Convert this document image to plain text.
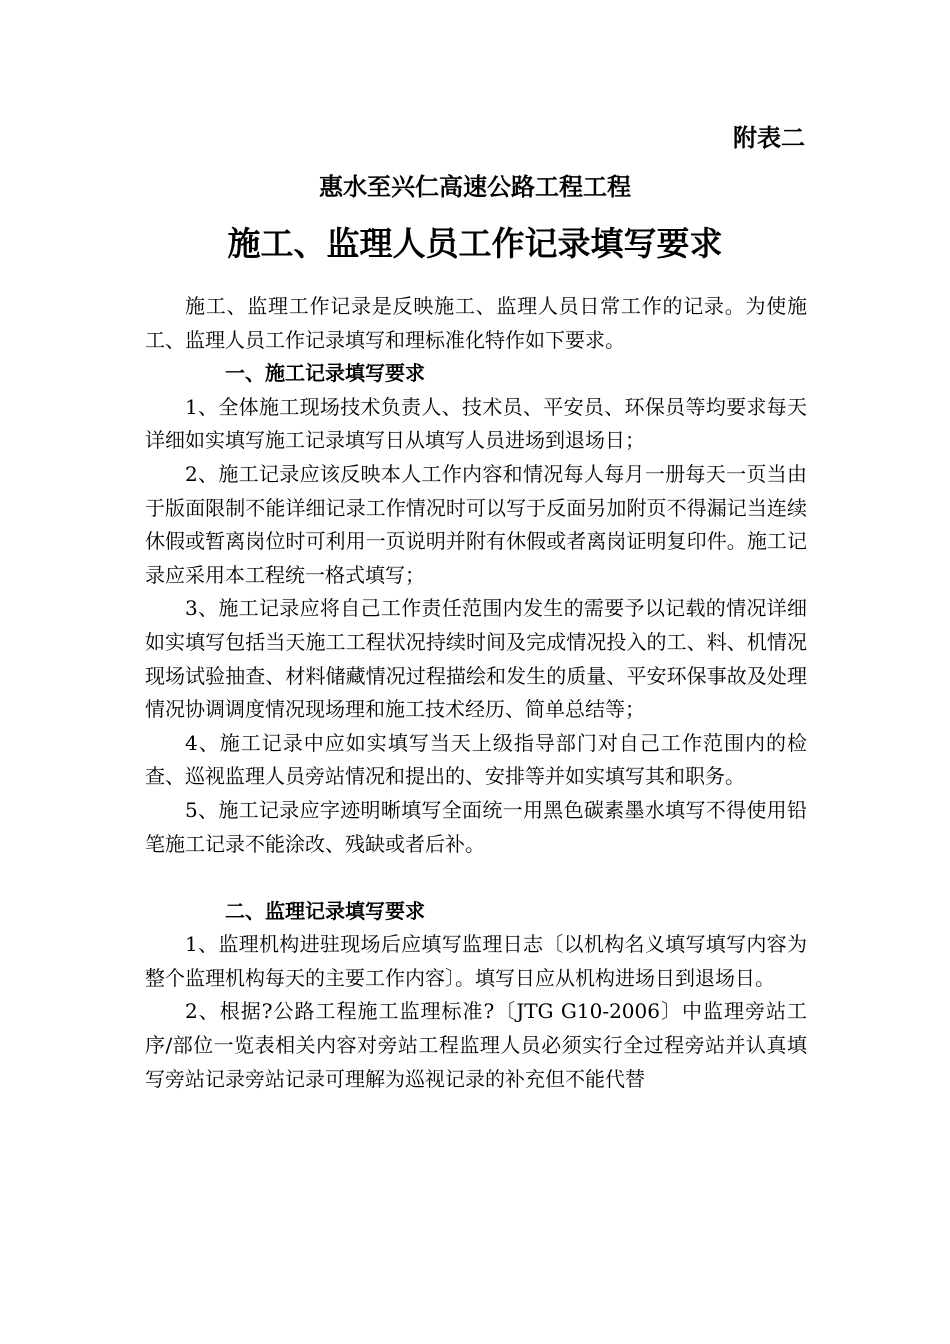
附表二
惠水至兴仁高速公路工程工程
施工、监理人员工作记录填写要求

施工、监理工作记录是反映施工、监理人员日常工作的记录。为使施工、监理人员工作记录填写和理标准化特作如下要求。

一、施工记录填写要求

1、全体施工现场技术负责人、技术员、平安员、环保员等均要求每天详细如实填写施工记录填写日从填写人员进场到退场日；

2、施工记录应该反映本人工作内容和情况每人每月一册每天一页当由于版面限制不能详细记录工作情况时可以写于反面另加附页不得漏记当连续休假或暂离岗位时可利用一页说明并附有休假或者离岗证明复印件。施工记录应采用本工程统一格式填写；

3、施工记录应将自己工作责任范围内发生的需要予以记载的情况详细如实填写包括当天施工工程状况持续时间及完成情况投入的工、料、机情况现场试验抽查、材料储藏情况过程描绘和发生的质量、平安环保事故及处理情况协调调度情况现场理和施工技术经历、简单总结等；

4、施工记录中应如实填写当天上级指导部门对自己工作范围内的检查、巡视监理人员旁站情况和提出的、安排等并如实填写其和职务。

5、施工记录应字迹明晰填写全面统一用黑色碳素墨水填写不得使用铅笔施工记录不能涂改、残缺或者后补。

二、监理记录填写要求

1、监理机构进驻现场后应填写监理日志〔以机构名义填写填写内容为整个监理机构每天的主要工作内容〕。填写日应从机构进场日到退场日。

2、根据?公路工程施工监理标准?〔JTG G10-2006〕中监理旁站工序/部位一览表相关内容对旁站工程监理人员必须实行全过程旁站并认真填写旁站记录旁站记录可理解为巡视记录的补充但不能代替
